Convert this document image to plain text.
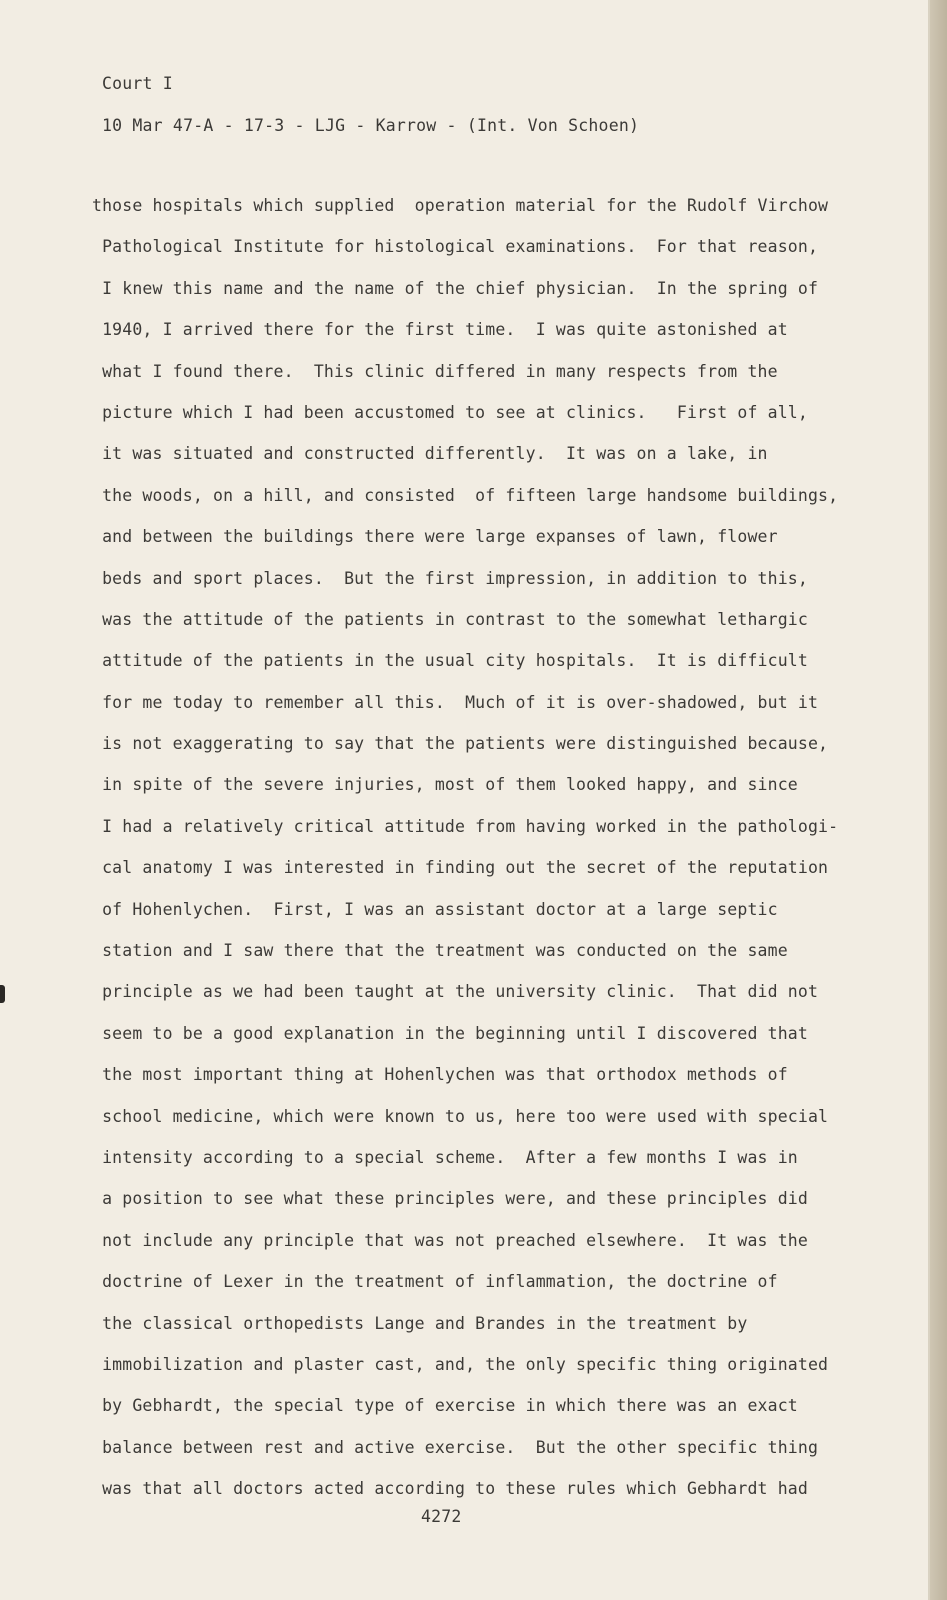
Court I
10 Mar 47-A - 17-3 - LJG - Karrow - (Int. Von Schoen)
those hospitals which supplied  operation material for the Rudolf Virchow
Pathological Institute for histological examinations.  For that reason,
I knew this name and the name of the chief physician.  In the spring of
1940, I arrived there for the first time.  I was quite astonished at
what I found there.  This clinic differed in many respects from the
picture which I had been accustomed to see at clinics.   First of all,
it was situated and constructed differently.  It was on a lake, in
the woods, on a hill, and consisted  of fifteen large handsome buildings,
and between the buildings there were large expanses of lawn, flower
beds and sport places.  But the first impression, in addition to this,
was the attitude of the patients in contrast to the somewhat lethargic
attitude of the patients in the usual city hospitals.  It is difficult
for me today to remember all this.  Much of it is over-shadowed, but it
is not exaggerating to say that the patients were distinguished because,
in spite of the severe injuries, most of them looked happy, and since
I had a relatively critical attitude from having worked in the pathologi-
cal anatomy I was interested in finding out the secret of the reputation
of Hohenlychen.  First, I was an assistant doctor at a large septic
station and I saw there that the treatment was conducted on the same
principle as we had been taught at the university clinic.  That did not
seem to be a good explanation in the beginning until I discovered that
the most important thing at Hohenlychen was that orthodox methods of
school medicine, which were known to us, here too were used with special
intensity according to a special scheme.  After a few months I was in
a position to see what these principles were, and these principles did
not include any principle that was not preached elsewhere.  It was the
doctrine of Lexer in the treatment of inflammation, the doctrine of
the classical orthopedists Lange and Brandes in the treatment by
immobilization and plaster cast, and, the only specific thing originated
by Gebhardt, the special type of exercise in which there was an exact
balance between rest and active exercise.  But the other specific thing
was that all doctors acted according to these rules which Gebhardt had
4272
